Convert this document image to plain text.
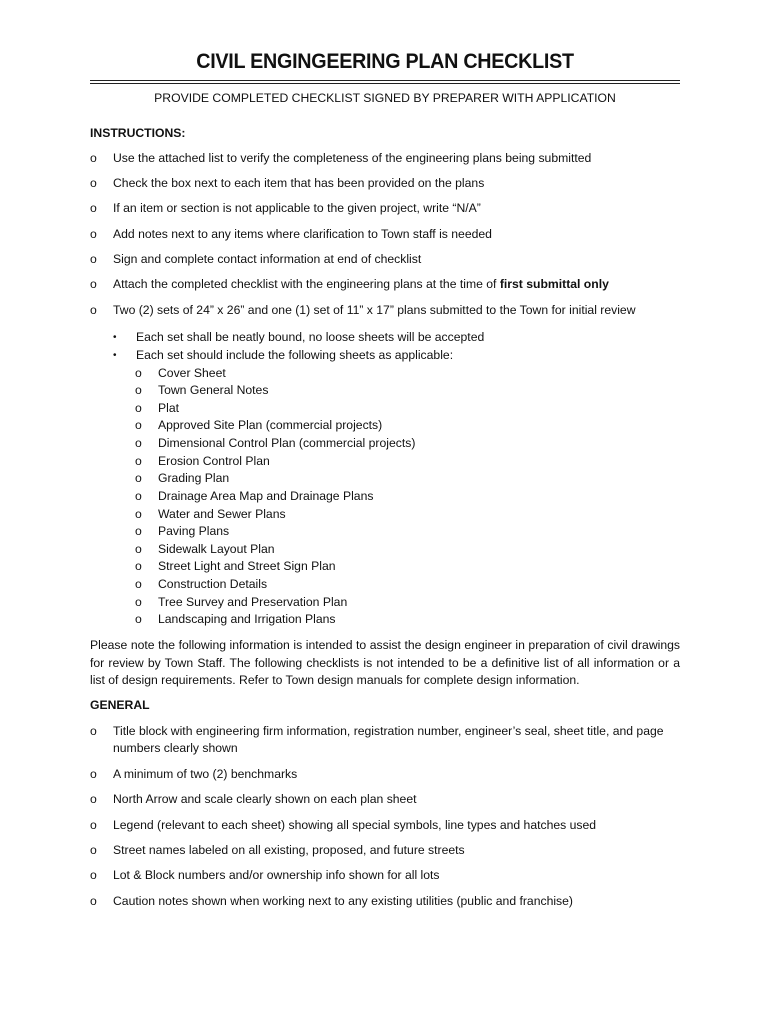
CIVIL ENGINGEERING PLAN CHECKLIST
PROVIDE COMPLETED CHECKLIST SIGNED BY PREPARER WITH APPLICATION
INSTRUCTIONS:
o Use the attached list to verify the completeness of the engineering plans being submitted
o Check the box next to each item that has been provided on the plans
o If an item or section is not applicable to the given project, write “N/A”
o Add notes next to any items where clarification to Town staff is needed
o Sign and complete contact information at end of checklist
o Attach the completed checklist with the engineering plans at the time of first submittal only
o Two (2) sets of 24” x 26” and one (1) set of 11” x 17” plans submitted to the Town for initial review
• Each set shall be neatly bound, no loose sheets will be accepted
• Each set should include the following sheets as applicable:
o Cover Sheet
o Town General Notes
o Plat
o Approved Site Plan (commercial projects)
o Dimensional Control Plan (commercial projects)
o Erosion Control Plan
o Grading Plan
o Drainage Area Map and Drainage Plans
o Water and Sewer Plans
o Paving Plans
o Sidewalk Layout Plan
o Street Light and Street Sign Plan
o Construction Details
o Tree Survey and Preservation Plan
o Landscaping and Irrigation Plans
Please note the following information is intended to assist the design engineer in preparation of civil drawings for review by Town Staff. The following checklists is not intended to be a definitive list of all information or a list of design requirements. Refer to Town design manuals for complete design information.
GENERAL
o Title block with engineering firm information, registration number, engineer’s seal, sheet title, and page numbers clearly shown
o A minimum of two (2) benchmarks
o North Arrow and scale clearly shown on each plan sheet
o Legend (relevant to each sheet) showing all special symbols, line types and hatches used
o Street names labeled on all existing, proposed, and future streets
o Lot & Block numbers and/or ownership info shown for all lots
o Caution notes shown when working next to any existing utilities (public and franchise)
